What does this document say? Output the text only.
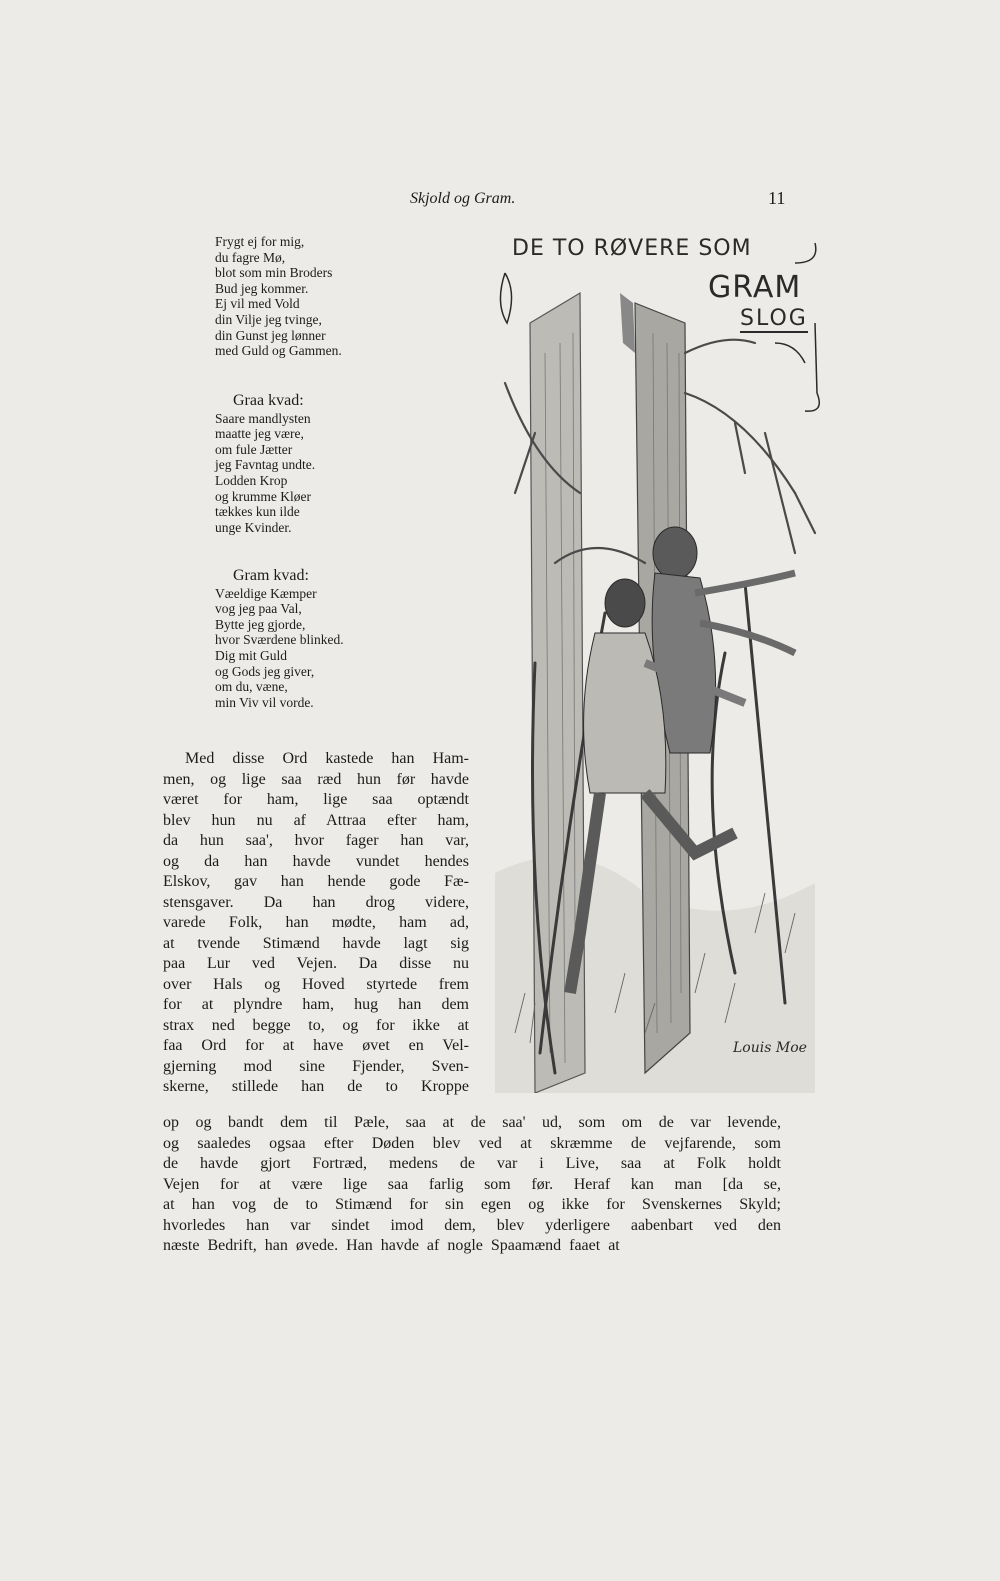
Skjold og Gram.	11
Frygt ej for mig,
du fagre Mø,
blot som min Broders
Bud jeg kommer.
Ej vil med Vold
din Vilje jeg tvinge,
din Gunst jeg lønner
med Guld og Gammen.
Graa kvad:
Saare mandlysten
maatte jeg være,
om fule Jætter
jeg Favntag undte.
Lodden Krop
og krumme Kløer
tækkes kun ilde
unge Kvinder.
Gram kvad:
Væeldige Kæmper
vog jeg paa Val,
Bytte jeg gjorde,
hvor Sværdene blinked.
Dig mit Guld
og Gods jeg giver,
om du, væne,
min Viv vil vorde.
Med disse Ord kastede han Ham-
men, og lige saa ræd hun før havde
været for ham, lige saa optændt
blev hun nu af Attraa efter ham,
da hun saa', hvor fager han var,
og da han havde vundet hendes
Elskov, gav han hende gode Fæ-
stensgaver. Da han drog videre,
varede Folk, han mødte, ham ad,
at tvende Stimænd havde lagt sig
paa Lur ved Vejen. Da disse nu
over Hals og Hoved styrtede frem
for at plyndre ham, hug han dem
strax ned begge to, og for ikke at
faa Ord for at have øvet en Vel-
gjerning mod sine Fjender, Sven-
skerne, stillede han de to Kroppe
op og bandt dem til Pæle, saa at de saa' ud, som om de var levende,
og saaledes ogsaa efter Døden blev ved at skræmme de vejfarende, som
de havde gjort Fortræd, medens de var i Live, saa at Folk holdt
Vejen for at være lige saa farlig som før. Heraf kan man [da se,
at han vog de to Stimænd for sin egen og ikke for Svenskernes Skyld;
hvorledes han var sindet imod dem, blev yderligere aabenbart ved den
næste Bedrift, han øvede. Han havde af nogle Spaamænd faaet at
DE TO RØVERE SOM
GRAM
SLOG
Louis Moe
